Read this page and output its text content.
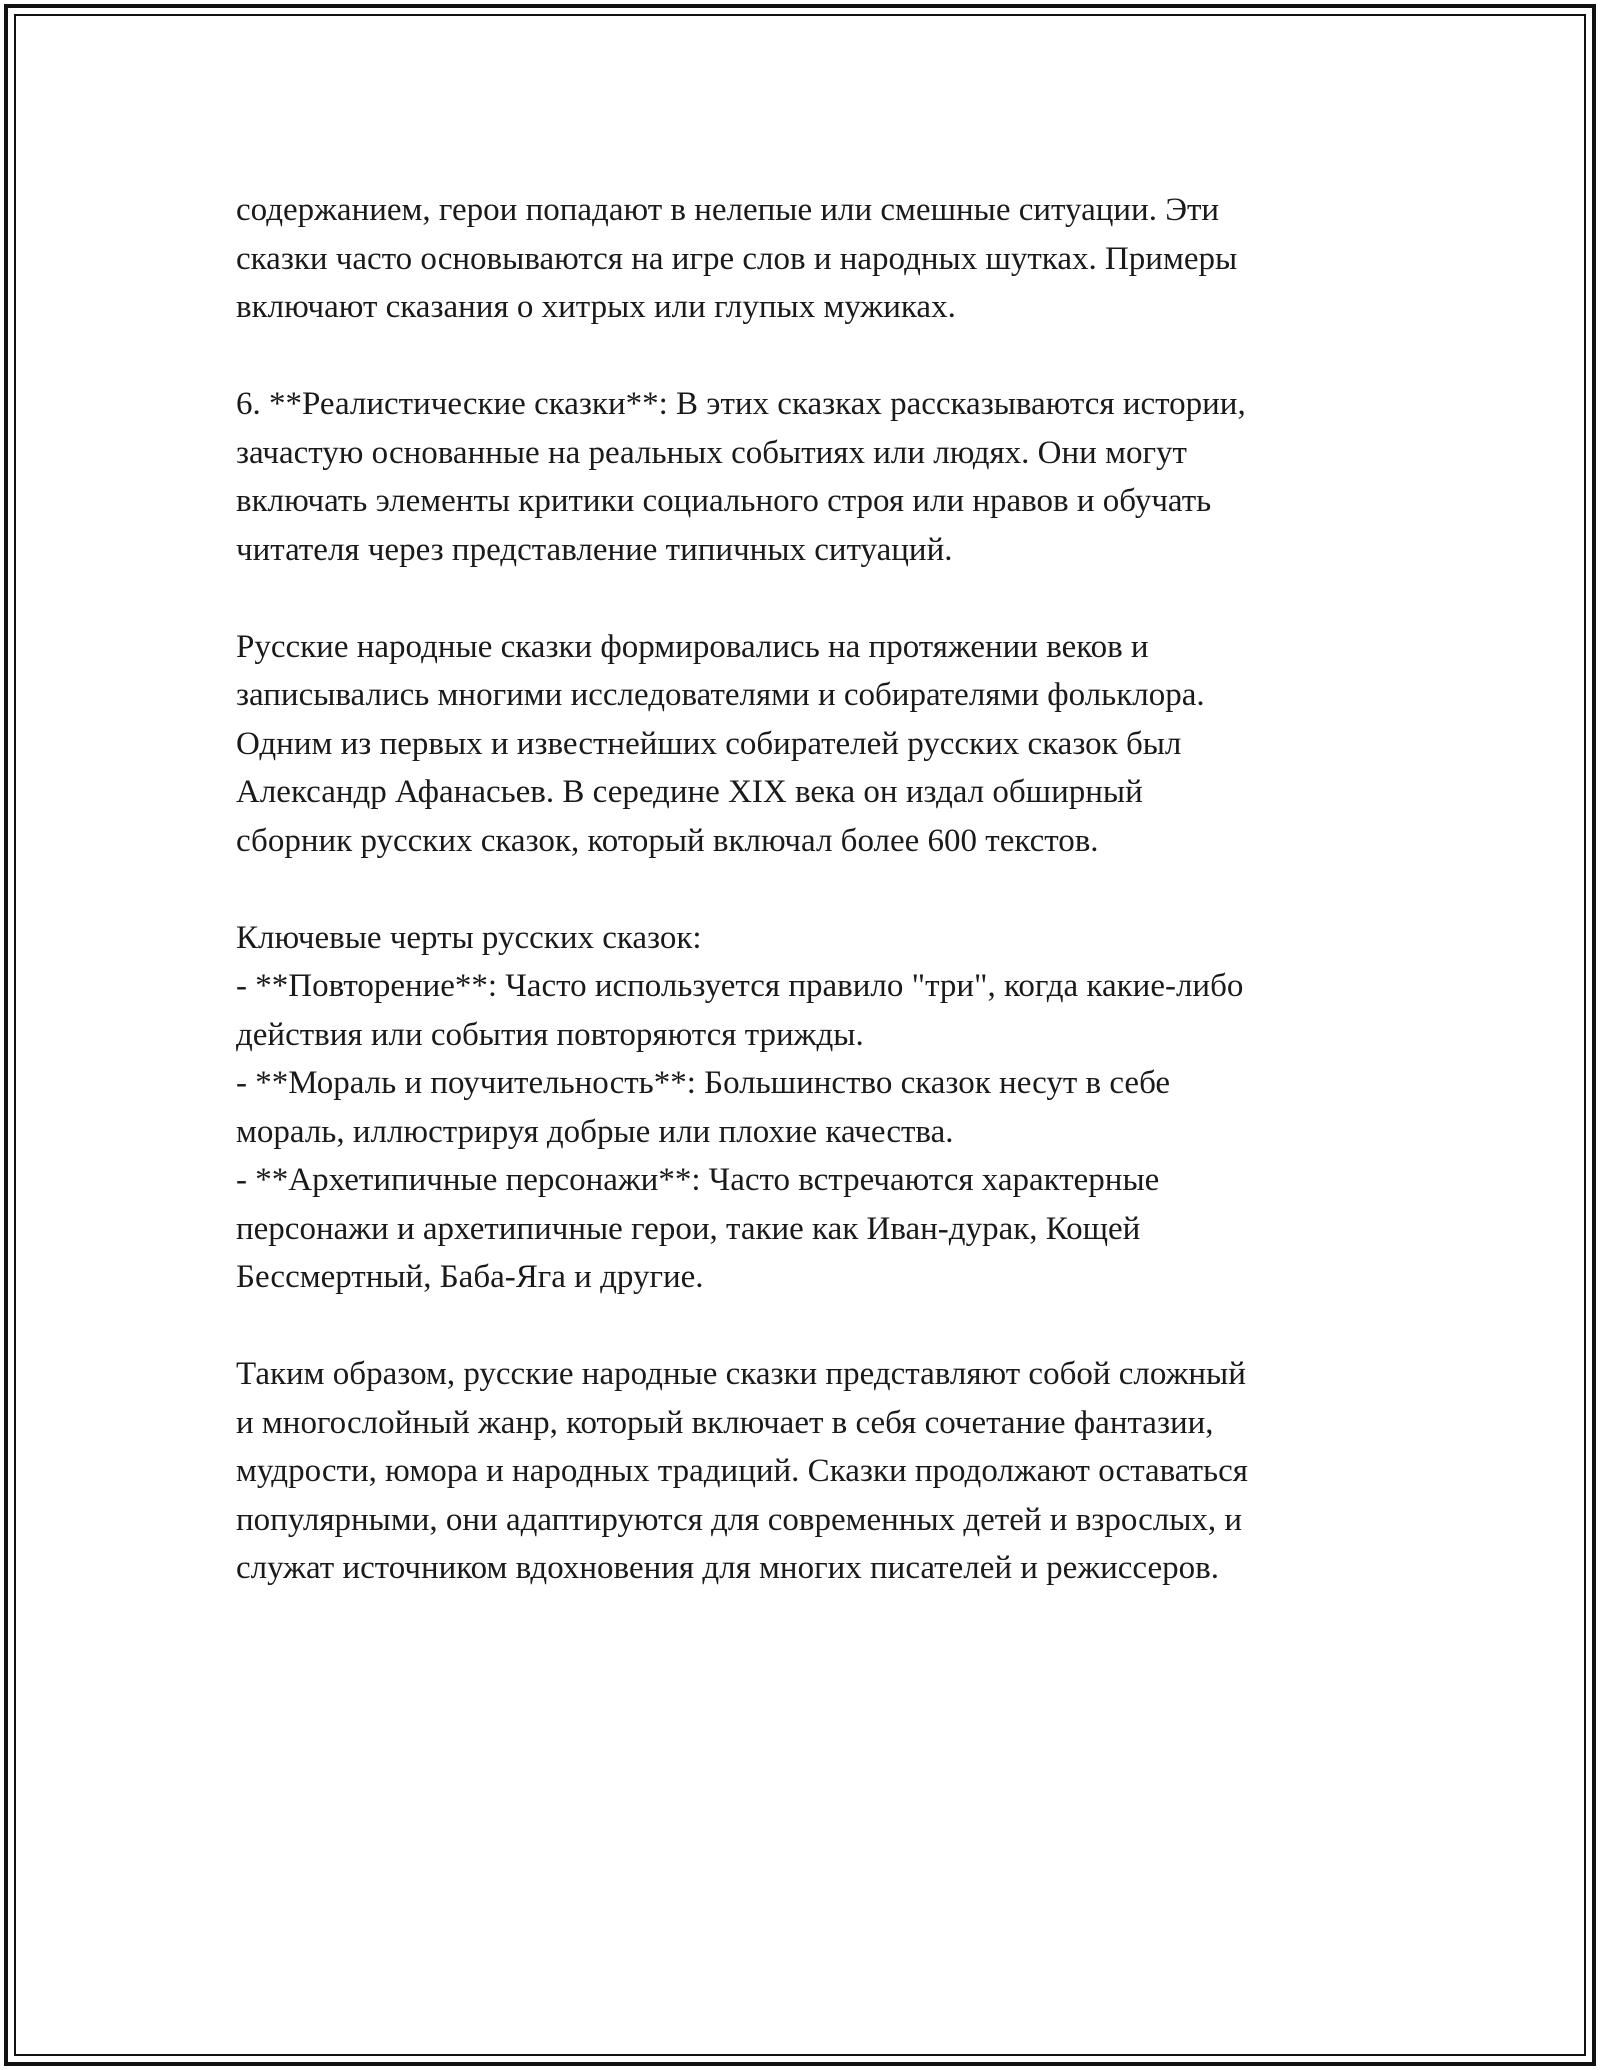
содержанием, герои попадают в нелепые или смешные ситуации. Эти
сказки часто основываются на игре слов и народных шутках. Примеры
включают сказания о хитрых или глупых мужиках.

6. **Реалистические сказки**: В этих сказках рассказываются истории,
зачастую основанные на реальных событиях или людях. Они могут
включать элементы критики социального строя или нравов и обучать
читателя через представление типичных ситуаций.

Русские народные сказки формировались на протяжении веков и
записывались многими исследователями и собирателями фольклора.
Одним из первых и известнейших собирателей русских сказок был
Александр Афанасьев. В середине XIX века он издал обширный
сборник русских сказок, который включал более 600 текстов.

Ключевые черты русских сказок:
- **Повторение**: Часто используется правило "три", когда какие-либо
действия или события повторяются трижды.
- **Мораль и поучительность**: Большинство сказок несут в себе
мораль, иллюстрируя добрые или плохие качества.
- **Архетипичные персонажи**: Часто встречаются характерные
персонажи и архетипичные герои, такие как Иван-дурак, Кощей
Бессмертный, Баба-Яга и другие.

Таким образом, русские народные сказки представляют собой сложный
и многослойный жанр, который включает в себя сочетание фантазии,
мудрости, юмора и народных традиций. Сказки продолжают оставаться
популярными, они адаптируются для современных детей и взрослых, и
служат источником вдохновения для многих писателей и режиссеров.
